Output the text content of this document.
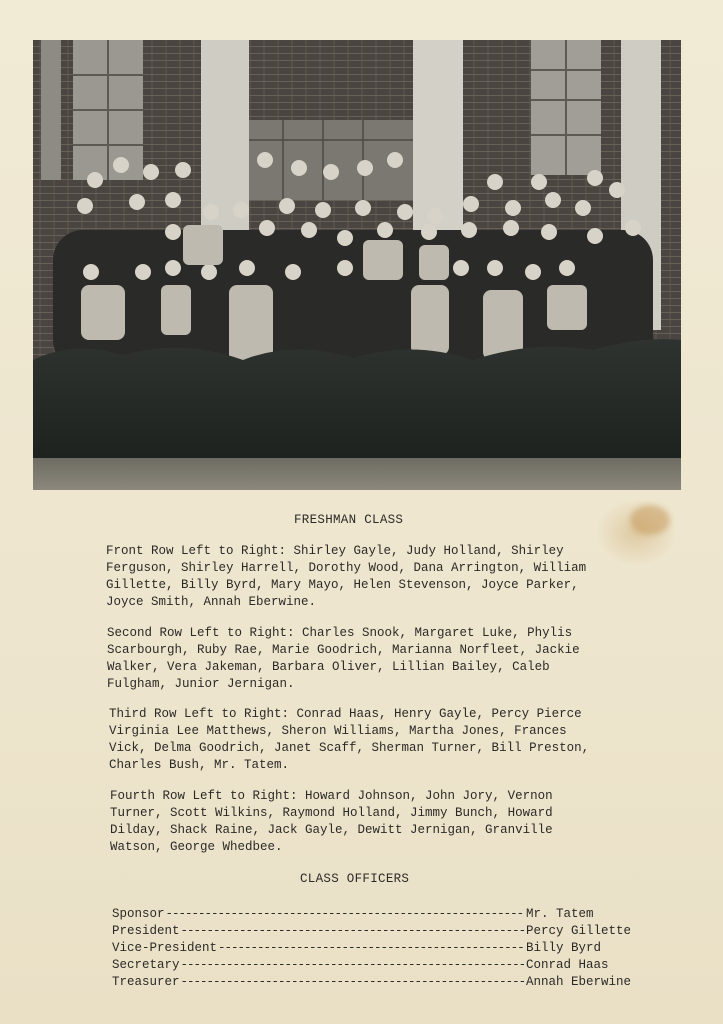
FRESHMAN CLASS
Front Row Left to Right: Shirley Gayle, Judy Holland, Shirley
Ferguson, Shirley Harrell, Dorothy Wood, Dana Arrington, William
Gillette, Billy Byrd, Mary Mayo, Helen Stevenson, Joyce Parker,
Joyce Smith, Annah Eberwine.
Second Row Left to Right: Charles Snook, Margaret Luke, Phylis
Scarbourgh, Ruby Rae, Marie Goodrich, Marianna Norfleet, Jackie
Walker, Vera Jakeman, Barbara Oliver, Lillian Bailey, Caleb
Fulgham, Junior Jernigan.
Third Row Left to Right: Conrad Haas, Henry Gayle, Percy Pierce
Virginia Lee Matthews, Sheron Williams, Martha Jones, Frances
Vick, Delma Goodrich, Janet Scaff, Sherman Turner, Bill Preston,
Charles Bush, Mr. Tatem.
Fourth Row Left to Right: Howard Johnson, John Jory, Vernon
Turner, Scott Wilkins, Raymond Holland, Jimmy Bunch, Howard
Dilday, Shack Raine, Jack Gayle, Dewitt Jernigan, Granville
Watson, George Whedbee.
CLASS OFFICERS
Sponsor -----	Mr. Tatem
President -----	Percy Gillette
Vice-President -----	Billy Byrd
Secretary -----	Conrad Haas
Treasurer -----	Annah Eberwine
